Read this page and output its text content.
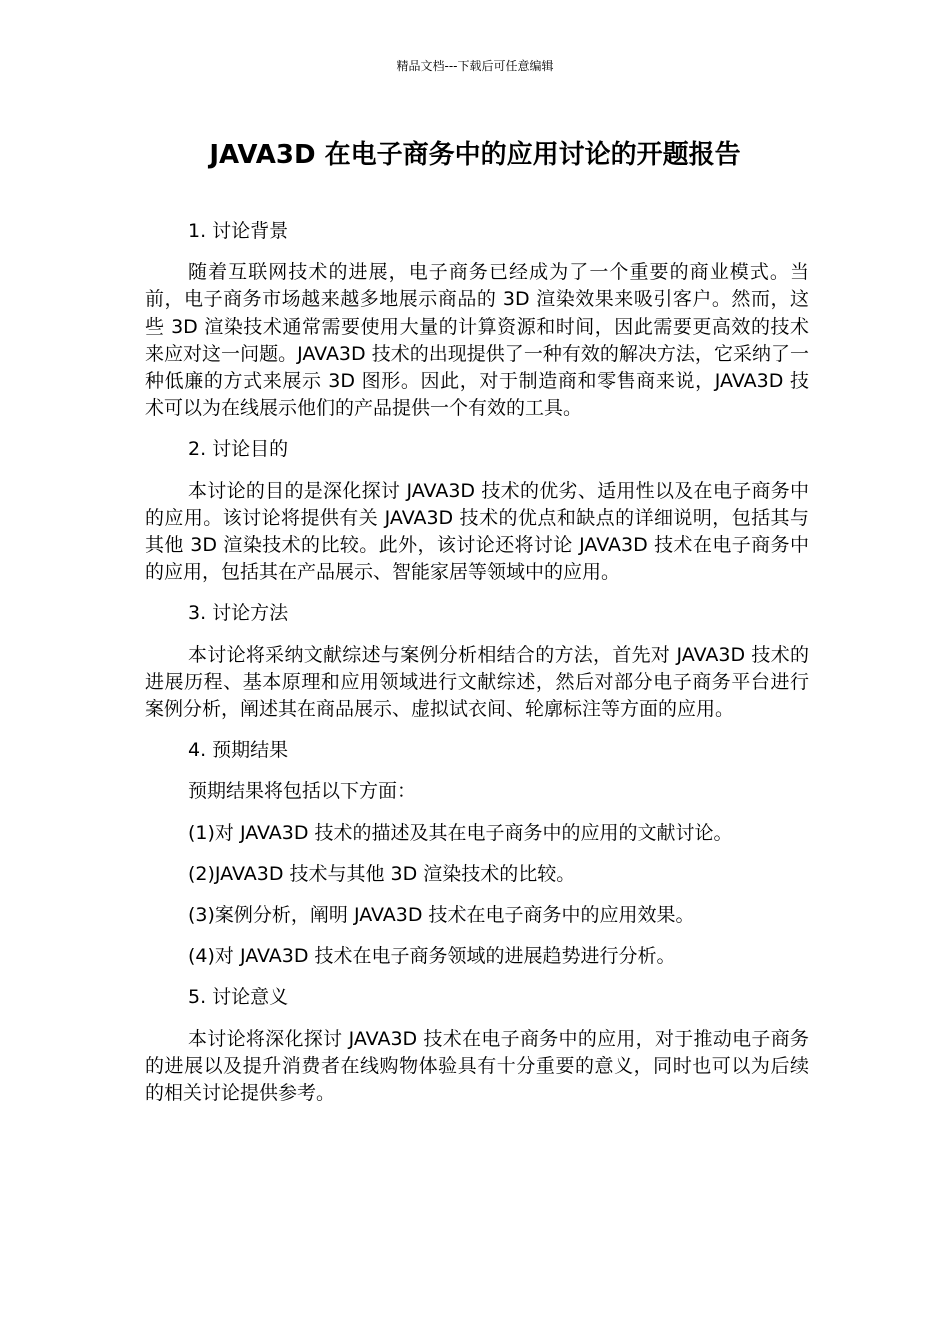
精品文档---下载后可任意编辑
JAVA3D 在电子商务中的应用讨论的开题报告

1. 讨论背景

随着互联网技术的进展，电子商务已经成为了一个重要的商业模式。当前，电子商务市场越来越多地展示商品的 3D 渲染效果来吸引客户。然而，这些 3D 渲染技术通常需要使用大量的计算资源和时间，因此需要更高效的技术来应对这一问题。JAVA3D 技术的出现提供了一种有效的解决方法，它采纳了一种低廉的方式来展示 3D 图形。因此，对于制造商和零售商来说，JAVA3D 技术可以为在线展示他们的产品提供一个有效的工具。

2. 讨论目的

本讨论的目的是深化探讨 JAVA3D 技术的优劣、适用性以及在电子商务中的应用。该讨论将提供有关 JAVA3D 技术的优点和缺点的详细说明，包括其与其他 3D 渲染技术的比较。此外，该讨论还将讨论 JAVA3D 技术在电子商务中的应用，包括其在产品展示、智能家居等领域中的应用。

3. 讨论方法

本讨论将采纳文献综述与案例分析相结合的方法，首先对 JAVA3D 技术的进展历程、基本原理和应用领域进行文献综述，然后对部分电子商务平台进行案例分析，阐述其在商品展示、虚拟试衣间、轮廓标注等方面的应用。

4. 预期结果

预期结果将包括以下方面：

(1)对 JAVA3D 技术的描述及其在电子商务中的应用的文献讨论。

(2)JAVA3D 技术与其他 3D 渲染技术的比较。

(3)案例分析，阐明 JAVA3D 技术在电子商务中的应用效果。

(4)对 JAVA3D 技术在电子商务领域的进展趋势进行分析。

5. 讨论意义

本讨论将深化探讨 JAVA3D 技术在电子商务中的应用，对于推动电子商务的进展以及提升消费者在线购物体验具有十分重要的意义，同时也可以为后续的相关讨论提供参考。
